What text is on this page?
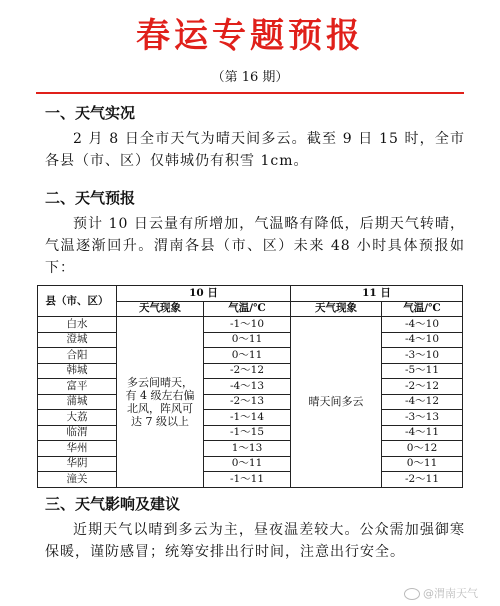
春运专题预报
（第 16 期）
一、天气实况
2 月 8 日全市天气为晴天间多云。截至 9 日 15 时，全市各县（市、区）仅韩城仍有积雪 1cm。
二、天气预报
预计 10 日云量有所增加，气温略有降低，后期天气转晴，气温逐渐回升。渭南各县（市、区）未来 48 小时具体预报如下：
县（市、区）	10 日		11 日	
	天气现象	气温/℃	天气现象	气温/℃
白水	多云间晴天，有 4 级左右偏北风，阵风可达 7 级以上	-1～10	晴天间多云	-4～10
澄城		0～11		-4～10
合阳		0～11		-3～10
韩城		-2～12		-5～11
富平		-4～13		-2～12
蒲城		-2～13		-4～12
大荔		-1～14		-3～13
临渭		-1～15		-4～11
华州		1～13		0～12
华阴		0～11		0～11
潼关		-1～11		-2～11
三、天气影响及建议
近期天气以晴到多云为主，昼夜温差较大。公众需加强御寒保暖，谨防感冒；统筹安排出行时间，注意出行安全。
@渭南天气
